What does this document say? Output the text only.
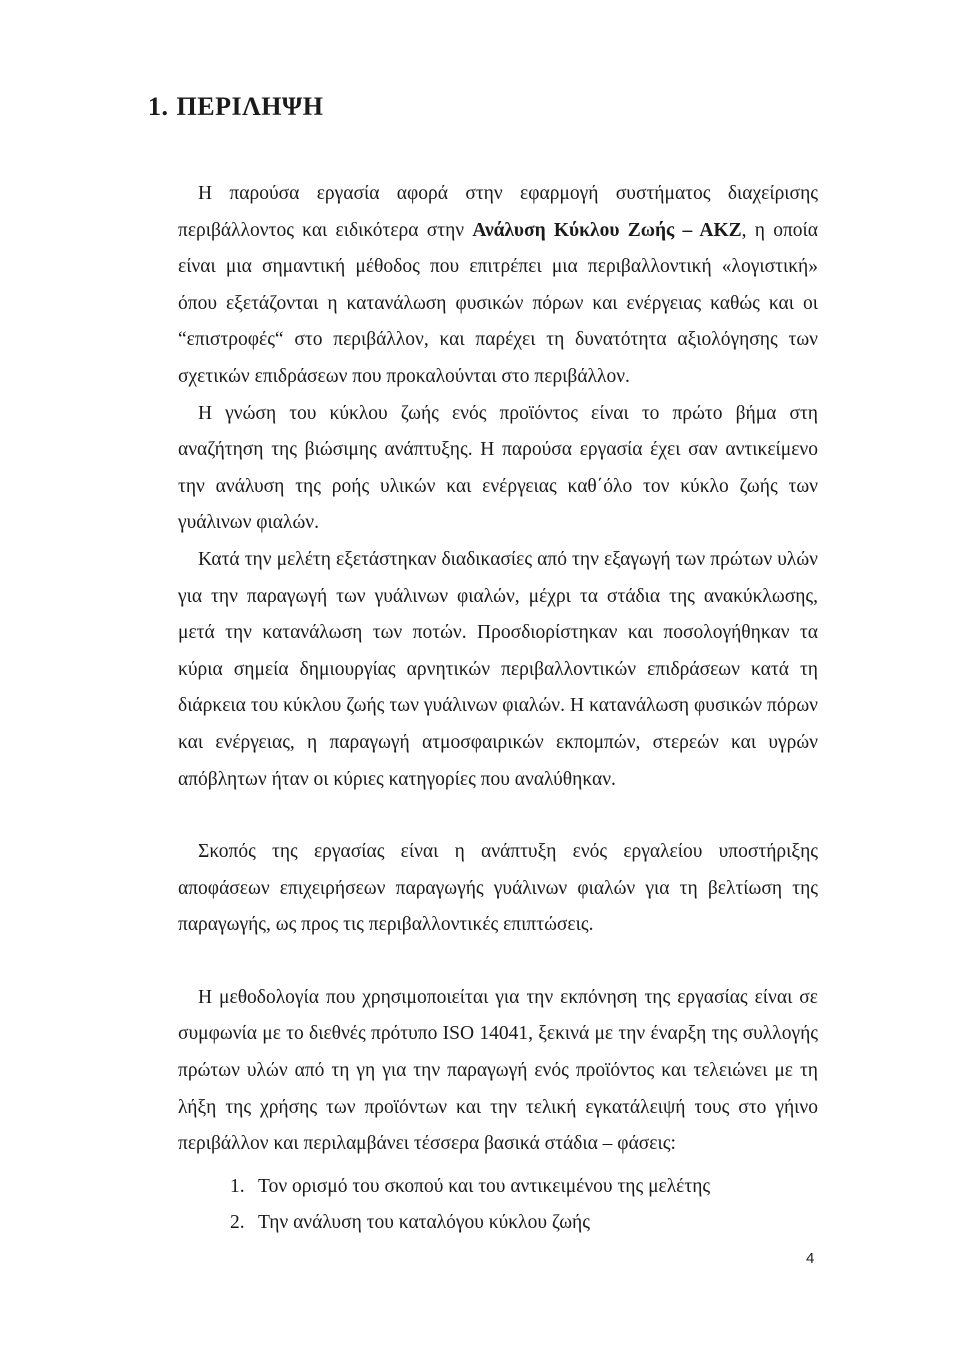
1. ΠΕΡΙΛΗΨΗ

Η παρούσα εργασία αφορά στην εφαρμογή συστήματος διαχείρισης περιβάλλοντος και ειδικότερα στην Ανάλυση Κύκλου Ζωής – ΑΚΖ, η οποία είναι μια σημαντική μέθοδος που επιτρέπει μια περιβαλλοντική «λογιστική» όπου εξετάζονται η κατανάλωση φυσικών πόρων και ενέργειας καθώς και οι “επιστροφές“ στο περιβάλλον, και παρέχει τη δυνατότητα αξιολόγησης των σχετικών επιδράσεων που προκαλούνται στο περιβάλλον.

Η γνώση του κύκλου ζωής ενός προϊόντος είναι το πρώτο βήμα στη αναζήτηση της βιώσιμης ανάπτυξης. Η παρούσα εργασία έχει σαν αντικείμενο την ανάλυση της ροής υλικών και ενέργειας καθ΄όλο τον κύκλο ζωής των γυάλινων φιαλών.

Κατά την μελέτη εξετάστηκαν διαδικασίες από την εξαγωγή των πρώτων υλών για την παραγωγή των γυάλινων φιαλών, μέχρι τα στάδια της ανακύκλωσης, μετά την κατανάλωση των ποτών. Προσδιορίστηκαν και ποσολογήθηκαν τα κύρια σημεία δημιουργίας αρνητικών περιβαλλοντικών επιδράσεων κατά τη διάρκεια του κύκλου ζωής των γυάλινων φιαλών. Η κατανάλωση φυσικών πόρων και ενέργειας, η παραγωγή ατμοσφαιρικών εκπομπών, στερεών και υγρών απόβλητων ήταν οι κύριες κατηγορίες που αναλύθηκαν.

Σκοπός της εργασίας είναι η ανάπτυξη ενός εργαλείου υποστήριξης αποφάσεων επιχειρήσεων παραγωγής γυάλινων φιαλών για τη βελτίωση της παραγωγής, ως προς τις περιβαλλοντικές επιπτώσεις.

Η μεθοδολογία που χρησιμοποιείται για την εκπόνηση της εργασίας είναι σε συμφωνία με το διεθνές πρότυπο ISO 14041, ξεκινά με την έναρξη της συλλογής πρώτων υλών από τη γη για την παραγωγή ενός προϊόντος και τελειώνει με τη λήξη της χρήσης των προϊόντων και την τελική εγκατάλειψή τους στο γήινο περιβάλλον και περιλαμβάνει τέσσερα βασικά στάδια – φάσεις:

1. Τον ορισμό του σκοπού και του αντικειμένου της μελέτης
2. Την ανάλυση του καταλόγου κύκλου ζωής
4
